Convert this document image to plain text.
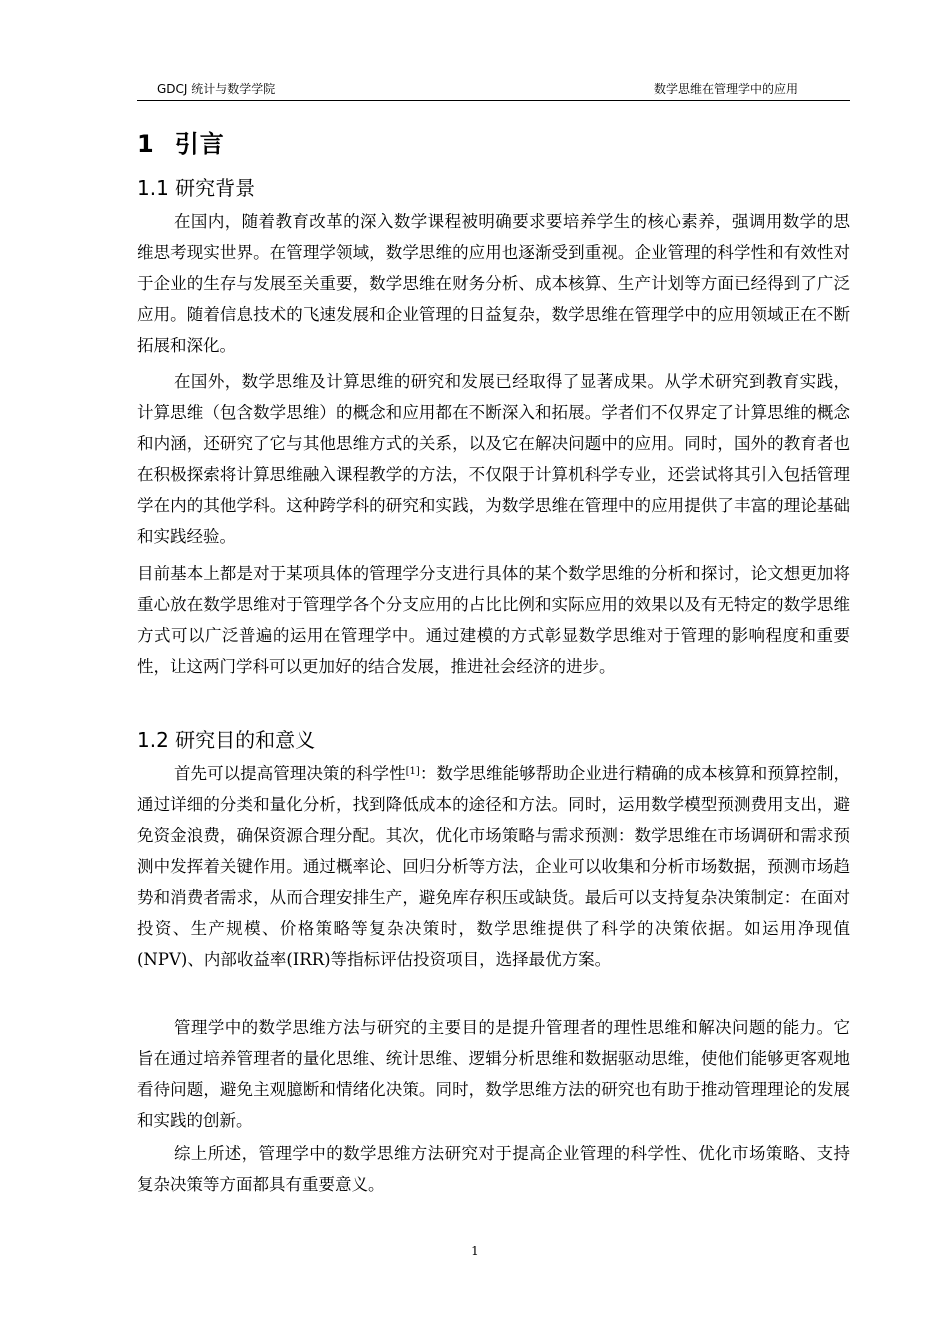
GDCJ 统计与数学学院	数学思维在管理学中的应用
1 引言
1.1 研究背景
在国内，随着教育改革的深入数学课程被明确要求要培养学生的核心素养，强调用数学的思维思考现实世界。在管理学领域，数学思维的应用也逐渐受到重视。企业管理的科学性和有效性对于企业的生存与发展至关重要，数学思维在财务分析、成本核算、生产计划等方面已经得到了广泛应用。随着信息技术的飞速发展和企业管理的日益复杂，数学思维在管理学中的应用领域正在不断拓展和深化。
在国外，数学思维及计算思维的研究和发展已经取得了显著成果。从学术研究到教育实践，计算思维（包含数学思维）的概念和应用都在不断深入和拓展。学者们不仅界定了计算思维的概念和内涵，还研究了它与其他思维方式的关系，以及它在解决问题中的应用。同时，国外的教育者也在积极探索将计算思维融入课程教学的方法，不仅限于计算机科学专业，还尝试将其引入包括管理学在内的其他学科。这种跨学科的研究和实践，为数学思维在管理中的应用提供了丰富的理论基础和实践经验。
目前基本上都是对于某项具体的管理学分支进行具体的某个数学思维的分析和探讨，论文想更加将重心放在数学思维对于管理学各个分支应用的占比比例和实际应用的效果以及有无特定的数学思维方式可以广泛普遍的运用在管理学中。通过建模的方式彰显数学思维对于管理的影响程度和重要性，让这两门学科可以更加好的结合发展，推进社会经济的进步。
1.2 研究目的和意义
首先可以提高管理决策的科学性[1]：数学思维能够帮助企业进行精确的成本核算和预算控制，通过详细的分类和量化分析，找到降低成本的途径和方法。同时，运用数学模型预测费用支出，避免资金浪费，确保资源合理分配。其次，优化市场策略与需求预测：数学思维在市场调研和需求预测中发挥着关键作用。通过概率论、回归分析等方法，企业可以收集和分析市场数据，预测市场趋势和消费者需求，从而合理安排生产，避免库存积压或缺货。最后可以支持复杂决策制定：在面对投资、生产规模、价格策略等复杂决策时，数学思维提供了科学的决策依据。如运用净现值(NPV)、内部收益率(IRR)等指标评估投资项目，选择最优方案。
管理学中的数学思维方法与研究的主要目的是提升管理者的理性思维和解决问题的能力。它旨在通过培养管理者的量化思维、统计思维、逻辑分析思维和数据驱动思维，使他们能够更客观地看待问题，避免主观臆断和情绪化决策。同时，数学思维方法的研究也有助于推动管理理论的发展和实践的创新。
综上所述，管理学中的数学思维方法研究对于提高企业管理的科学性、优化市场策略、支持复杂决策等方面都具有重要意义。
1
